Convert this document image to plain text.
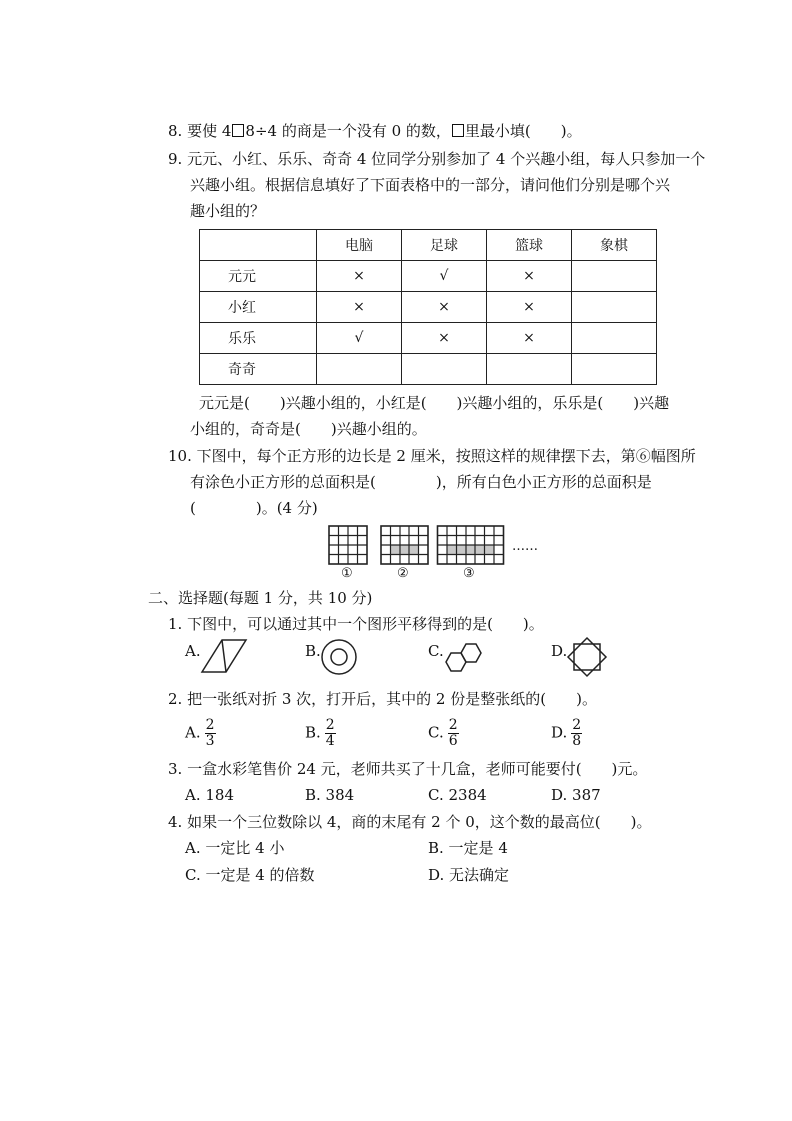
8. 要使 4 8÷4 的商是一个没有 0 的数， 里最小填(　　)。
9. 元元、小红、乐乐、奇奇 4 位同学分别参加了 4 个兴趣小组，每人只参加一个
兴趣小组。根据信息填好了下面表格中的一部分，请问他们分别是哪个兴
趣小组的？
	电脑	足球	篮球	象棋
元元	×	√	×	
小红	×	×	×	
乐乐	√	×	×	
奇奇				
元元是(　　)兴趣小组的，小红是(　　)兴趣小组的，乐乐是(　　)兴趣
小组的，奇奇是(　　)兴趣小组的。
10. 下图中，每个正方形的边长是 2 厘米，按照这样的规律摆下去，第⑥幅图所
有涂色小正方形的总面积是(　　　　)，所有白色小正方形的总面积是
(　　　　)。(4 分)
①	②	③
……
二、选择题(每题 1 分，共 10 分)
1. 下图中，可以通过其中一个图形平移得到的是(　　)。
A.	B.	C.	D.
2. 把一张纸对折 3 次，打开后，其中的 2 份是整张纸的(　　)。
A. $\frac{2}{3}$	B. $\frac{2}{4}$	C. $\frac{2}{6}$	D. $\frac{2}{8}$
3. 一盒水彩笔售价 24 元，老师共买了十几盒，老师可能要付(　　)元。
A. 184	B. 384	C. 2384	D. 387
4. 如果一个三位数除以 4，商的末尾有 2 个 0，这个数的最高位(　　)。
A. 一定比 4 小	B. 一定是 4
C. 一定是 4 的倍数	D. 无法确定
